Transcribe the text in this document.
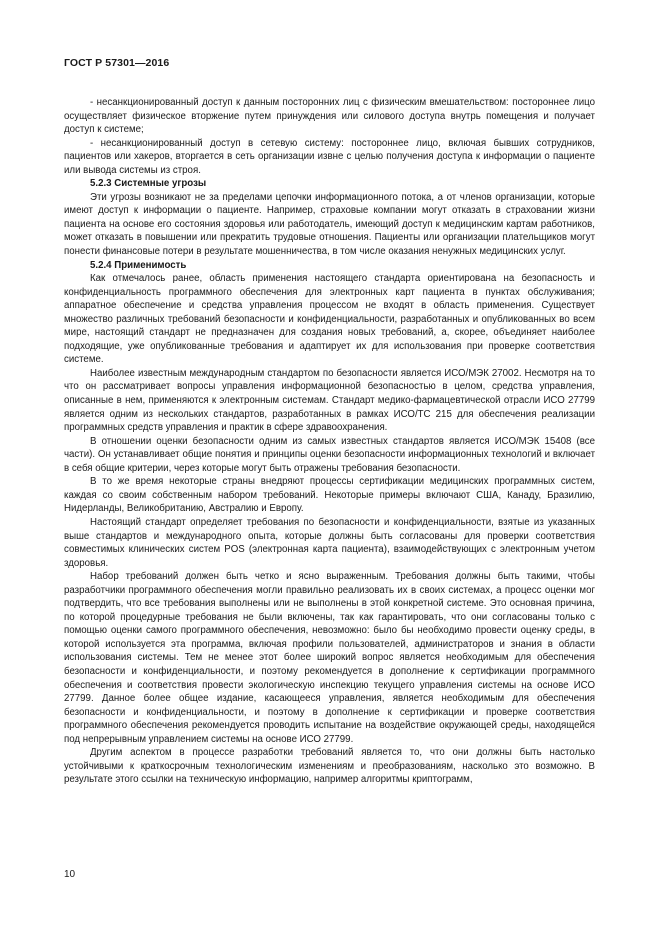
ГОСТ Р 57301—2016

- несанкционированный доступ к данным посторонних лиц с физическим вмешательством: постороннее лицо осуществляет физическое вторжение путем принуждения или силового доступа внутрь помещения и получает доступ к системе;

- несанкционированный доступ в сетевую систему: постороннее лицо, включая бывших сотрудников, пациентов или хакеров, вторгается в сеть организации извне с целью получения доступа к информации о пациенте или вывода системы из строя.

5.2.3 Системные угрозы

Эти угрозы возникают не за пределами цепочки информационного потока, а от членов организации, которые имеют доступ к информации о пациенте. Например, страховые компании могут отказать в страховании жизни пациента на основе его состояния здоровья или работодатель, имеющий доступ к медицинским картам работников, может отказать в повышении или прекратить трудовые отношения. Пациенты или организации плательщиков могут понести финансовые потери в результате мошенничества, в том числе оказания ненужных медицинских услуг.

5.2.4 Применимость

Как отмечалось ранее, область применения настоящего стандарта ориентирована на безопасность и конфиденциальность программного обеспечения для электронных карт пациента в пунктах обслуживания; аппаратное обеспечение и средства управления процессом не входят в область применения. Существует множество различных требований безопасности и конфиденциальности, разработанных и опубликованных во всем мире, настоящий стандарт не предназначен для создания новых требований, а, скорее, объединяет наиболее подходящие, уже опубликованные требования и адаптирует их для использования при проверке соответствия системе.

Наиболее известным международным стандартом по безопасности является ИСО/МЭК 27002. Несмотря на то что он рассматривает вопросы управления информационной безопасностью в целом, средства управления, описанные в нем, применяются к электронным системам. Стандарт медико-фармацевтической отрасли ИСО 27799 является одним из нескольких стандартов, разработанных в рамках ИСО/ТС 215 для обеспечения реализации программных средств управления и практик в сфере здравоохранения.

В отношении оценки безопасности одним из самых известных стандартов является ИСО/МЭК 15408 (все части). Он устанавливает общие понятия и принципы оценки безопасности информационных технологий и включает в себя общие критерии, через которые могут быть отражены требования безопасности.

В то же время некоторые страны внедряют процессы сертификации медицинских программных систем, каждая со своим собственным набором требований. Некоторые примеры включают США, Канаду, Бразилию, Нидерланды, Великобританию, Австралию и Европу.

Настоящий стандарт определяет требования по безопасности и конфиденциальности, взятые из указанных выше стандартов и международного опыта, которые должны быть согласованы для проверки соответствия совместимых клинических систем POS (электронная карта пациента), взаимодействующих с электронным учетом здоровья.

Набор требований должен быть четко и ясно выраженным. Требования должны быть такими, чтобы разработчики программного обеспечения могли правильно реализовать их в своих системах, а процесс оценки мог подтвердить, что все требования выполнены или не выполнены в этой конкретной системе. Это основная причина, по которой процедурные требования не были включены, так как гарантировать, что они согласованы только с помощью оценки самого программного обеспечения, невозможно: было бы необходимо провести оценку среды, в которой используется эта программа, включая профили пользователей, администраторов и знания в области использования системы. Тем не менее этот более широкий вопрос является необходимым для обеспечения безопасности и конфиденциальности, и поэтому рекомендуется в дополнение к сертификации программного обеспечения и соответствия провести экологическую инспекцию текущего управления системы на основе ИСО 27799. Данное более общее издание, касающееся управления, является необходимым для обеспечения безопасности и конфиденциальности, и поэтому в дополнение к сертификации и проверке соответствия программного обеспечения рекомендуется проводить испытание на воздействие окружающей среды, находящейся под непрерывным управлением системы на основе ИСО 27799.

Другим аспектом в процессе разработки требований является то, что они должны быть настолько устойчивыми к краткосрочным технологическим изменениям и преобразованиям, насколько это возможно. В результате этого ссылки на техническую информацию, например алгоритмы криптограмм,

10
